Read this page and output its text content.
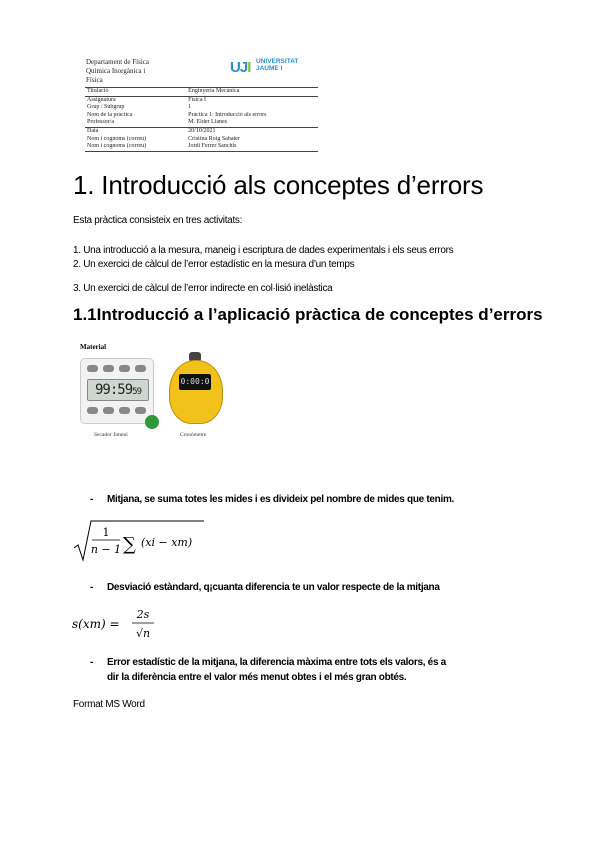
Departament de Física
Química Inorgànica i
Física
UJI UNIVERSITAT
JAUME I
Titulació	Enginyeria Mecànica
Assignatura	Física I
Grup / Subgrup	1
Nom de la pràctica	Pràctica 1: Introducció als errors
Professor/a	M. Elder Llanes
Data	20/10/2021
Nom i cognoms (correu)	Cristina Roig Sabater
Nom i cognoms (correu)	Jordi Ferrer Sanchis
1. Introducció als conceptes d’errors
Esta pràctica consisteix en tres activitats:
1. Una introducció a la mesura, maneig i escriptura de dades experimentals i els seus errors
2. Un exercici de càlcul de l’error estadístic en la mesura d’un temps
3. Un exercici de càlcul de l’error indirecte en col·lisió inelàstica
1.1Introducció a l’aplicació pràctica de conceptes d’errors
Material
99:5959
Secador Jimeni
0:00:0
Cronòmetre
- Mitjana, se suma totes les mides i es divideix pel nombre de mides que tenim.
1
n − 1 ∑ (xi − xm)
- Desviació estàndard, q¡cuanta diferencia te un valor respecte de la mitjana
s(xm) =
2s
√n
- Error estadístic de la mitjana, la diferencia màxima entre tots els valors, és a
dir la diferència entre el valor més menut obtes i el més gran obtés.
Format MS Word
